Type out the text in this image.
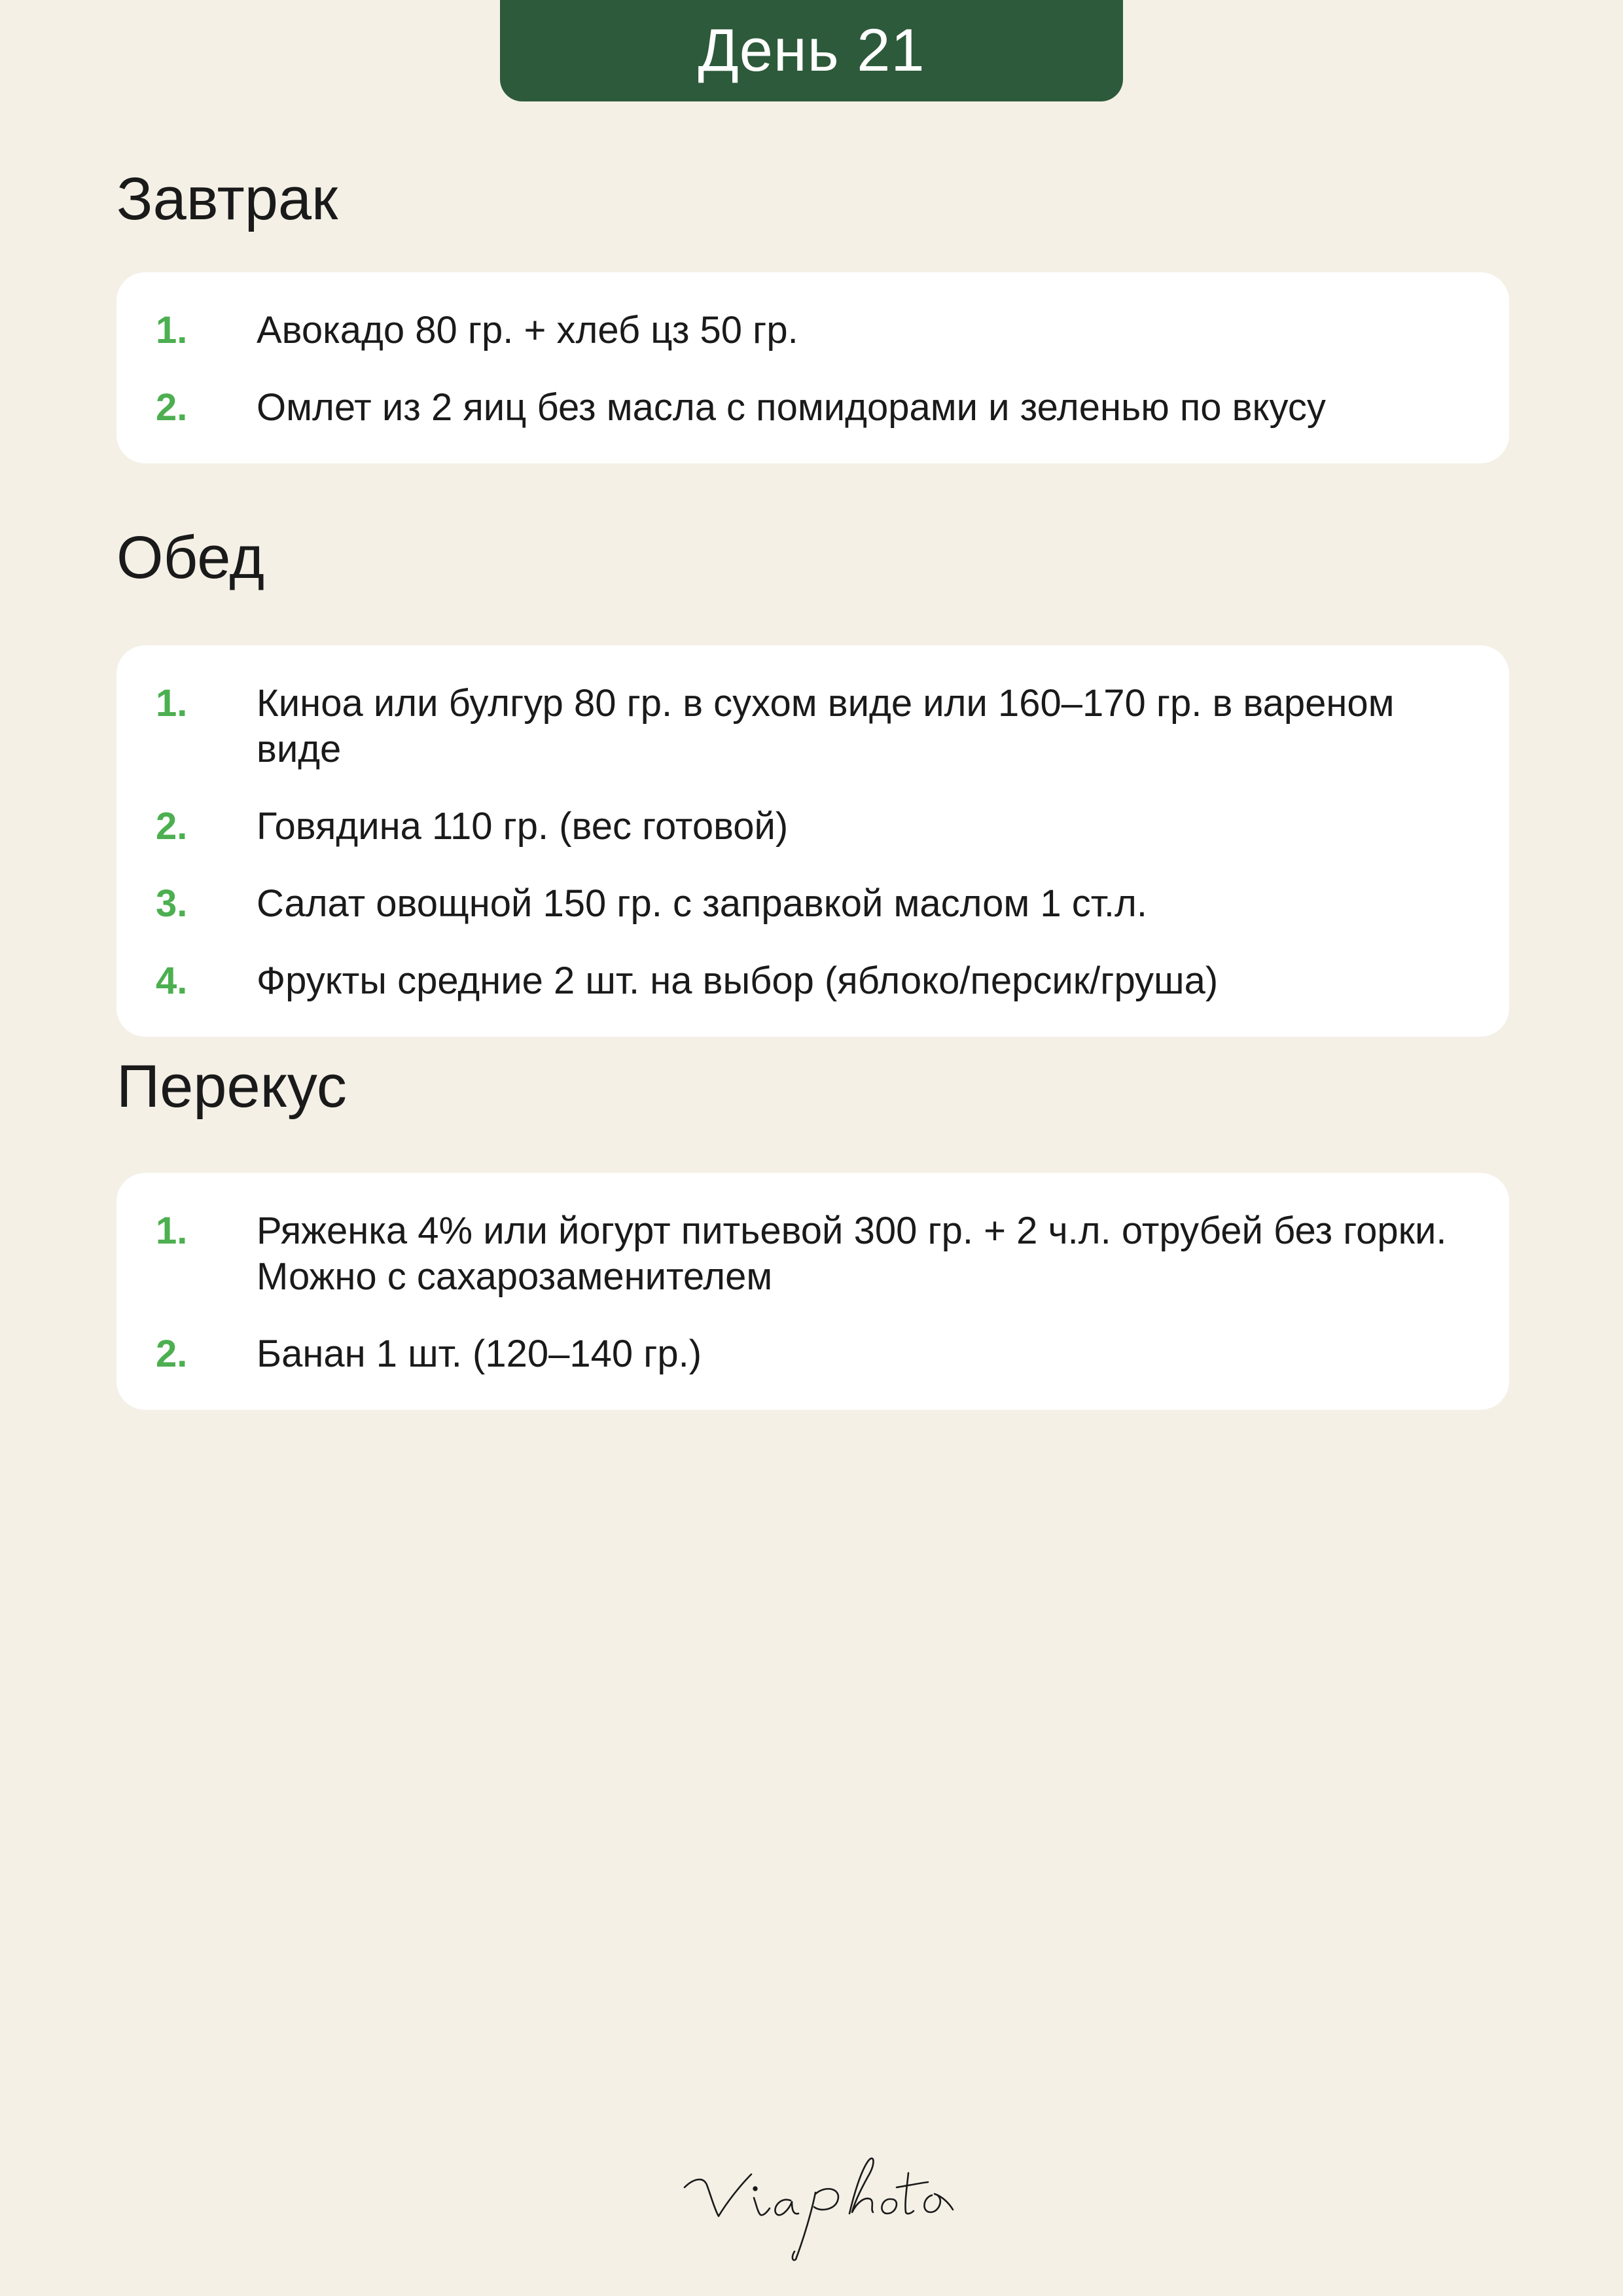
День 21
Завтрак
1.	Авокадо 80 гр. + хлеб цз 50 гр.
2.	Омлет из 2 яиц без масла с помидорами и зеленью по вкусу
Обед
1.	Киноа или булгур 80 гр. в сухом виде или 160–170 гр. в вареном виде
2.	Говядина 110 гр. (вес готовой)
3.	Салат овощной 150 гр. с заправкой маслом 1 ст.л.
4.	Фрукты средние 2 шт. на выбор (яблоко/персик/груша)
Перекус
1.	Ряженка 4% или йогурт питьевой 300 гр. + 2 ч.л. отрубей без горки.
Можно с сахарозаменителем
2.	Банан 1 шт. (120–140 гр.)
